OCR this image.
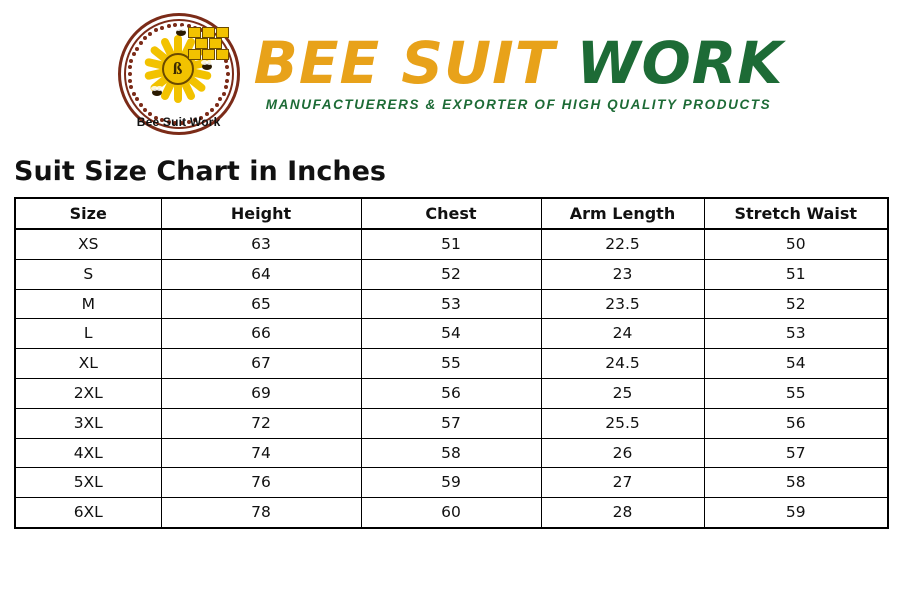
ß
Bee Suit Work
BEE SUIT WORK
MANUFACTUERERS & EXPORTER OF HIGH QUALITY PRODUCTS
Suit Size Chart in Inches
Size	Height	Chest	Arm Length	Stretch Waist
XS	63	51	22.5	50
S	64	52	23	51
M	65	53	23.5	52
L	66	54	24	53
XL	67	55	24.5	54
2XL	69	56	25	55
3XL	72	57	25.5	56
4XL	74	58	26	57
5XL	76	59	27	58
6XL	78	60	28	59
